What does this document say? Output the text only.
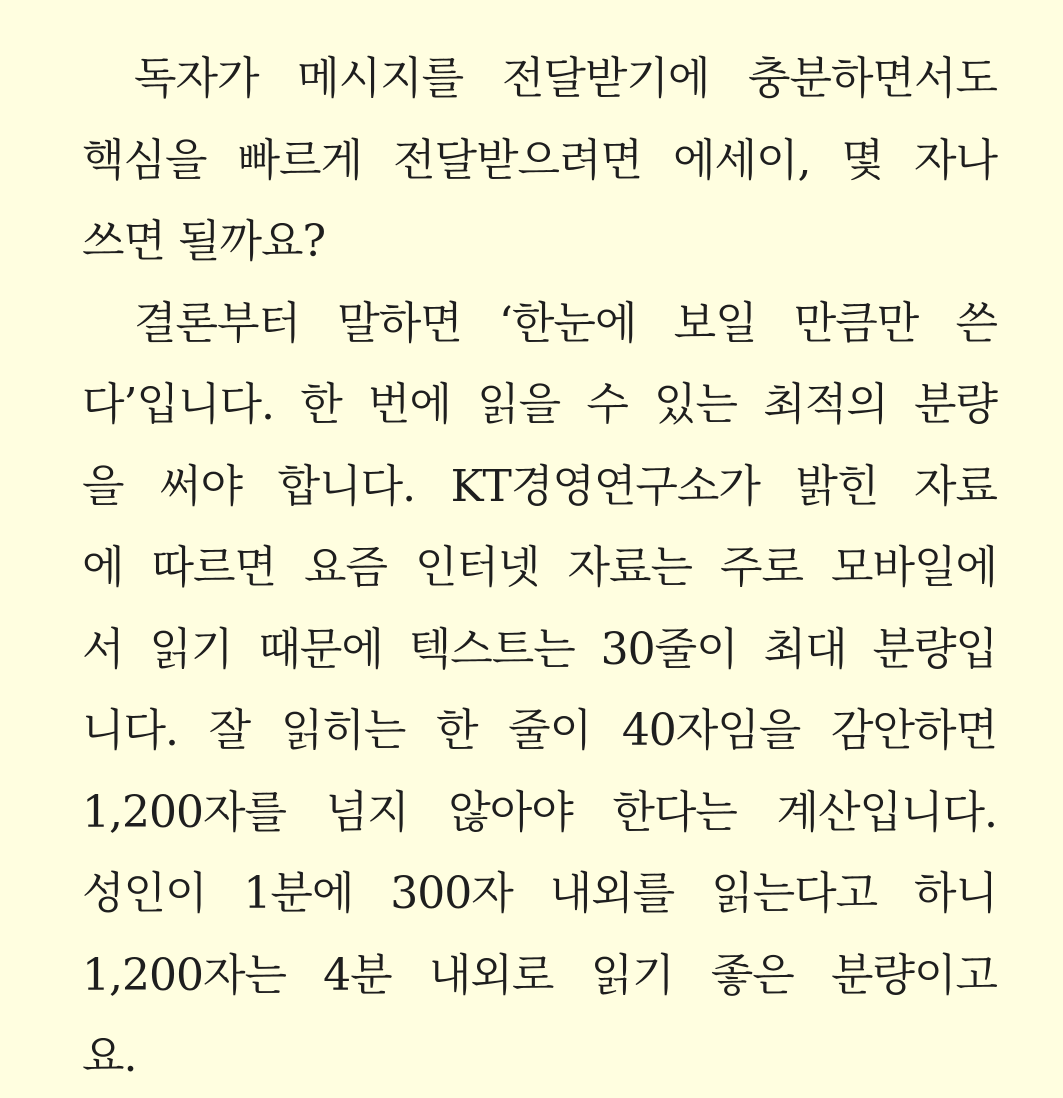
독자가 메시지를 전달받기에 충분하면서도
핵심을 빠르게 전달받으려면 에세이, 몇 자나
쓰면 될까요?
결론부터 말하면 ‘한눈에 보일 만큼만 쓴
다’입니다. 한 번에 읽을 수 있는 최적의 분량
을 써야 합니다. KT경영연구소가 밝힌 자료
에 따르면 요즘 인터넷 자료는 주로 모바일에
서 읽기 때문에 텍스트는 30줄이 최대 분량입
니다. 잘 읽히는 한 줄이 40자임을 감안하면
1,200자를 넘지 않아야 한다는 계산입니다.
성인이 1분에 300자 내외를 읽는다고 하니
1,200자는 4분 내외로 읽기 좋은 분량이고
요.
